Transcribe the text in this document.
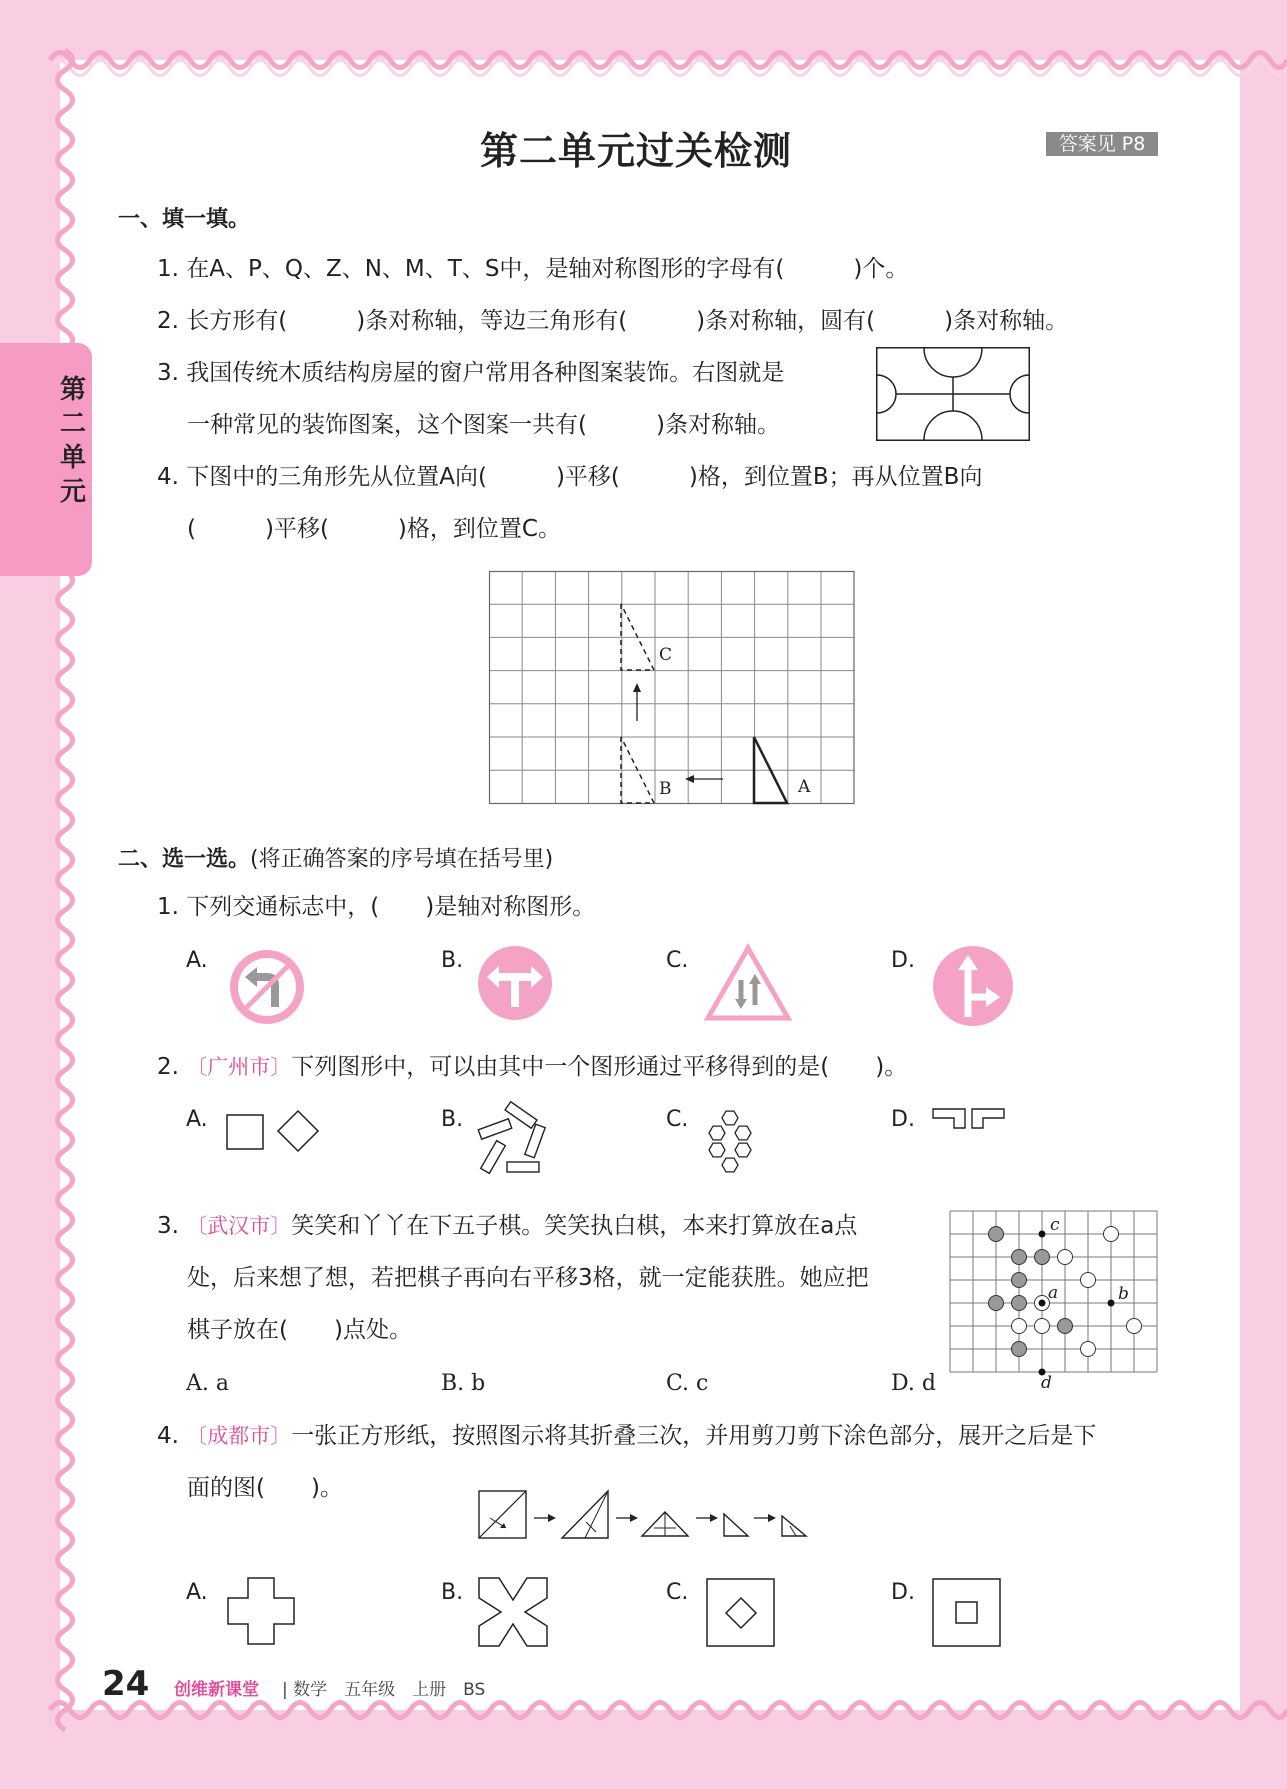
第二单元
第二单元过关检测	答案见 P8
一、填一填。
1. 在A、P、Q、Z、N、M、T、S中，是轴对称图形的字母有(　　　)个。
2. 长方形有(　　　)条对称轴，等边三角形有(　　　)条对称轴，圆有(　　　)条对称轴。
3. 我国传统木质结构房屋的窗户常用各种图案装饰。右图就是
一种常见的装饰图案，这个图案一共有(　　　)条对称轴。
4. 下图中的三角形先从位置A向(　　　)平移(　　　)格，到位置B；再从位置B向
(　　　)平移(　　　)格，到位置C。
C
B	A
二、选一选。(将正确答案的序号填在括号里)
1. 下列交通标志中，(　　)是轴对称图形。
A.	B.	C.	D.
2. 〔广州市〕下列图形中，可以由其中一个图形通过平移得到的是(　　)。
A.	B.	C.	D.
3. 〔武汉市〕笑笑和丫丫在下五子棋。笑笑执白棋，本来打算放在a点
处，后来想了想，若把棋子再向右平移3格，就一定能获胜。她应把
棋子放在(　　)点处。
A. a	B. b	C. c	D. d
c
a	b
d
4. 〔成都市〕一张正方形纸，按照图示将其折叠三次，并用剪刀剪下涂色部分，展开之后是下
面的图(　　)。
A.	B.	C.	D.
24 创维新课堂 | 数学　五年级　上册　BS
